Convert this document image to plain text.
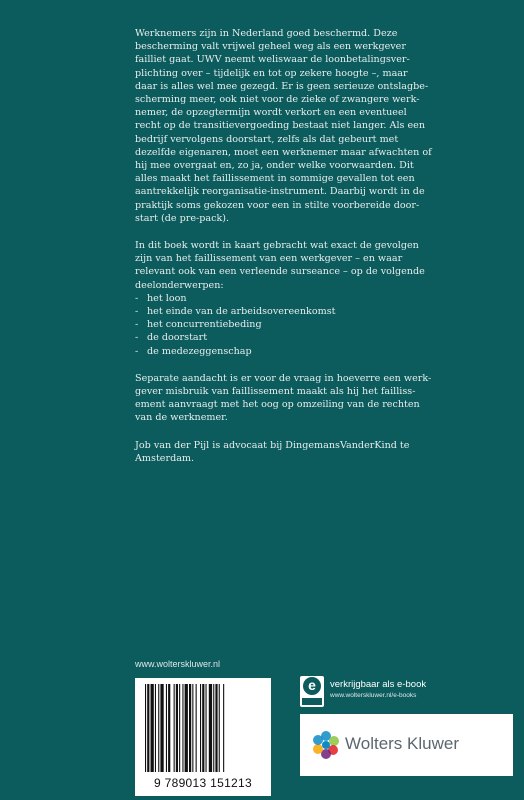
Werknemers zijn in Nederland goed beschermd. Deze
bescherming valt vrijwel geheel weg als een werkgever
failliet gaat. UWV neemt weliswaar de loonbetalingsver-
plichting over – tijdelijk en tot op zekere hoogte –, maar
daar is alles wel mee gezegd. Er is geen serieuze ontslagbe-
scherming meer, ook niet voor de zieke of zwangere werk-
nemer, de opzegtermijn wordt verkort en een eventueel
recht op de transitievergoeding bestaat niet langer. Als een
bedrijf vervolgens doorstart, zelfs als dat gebeurt met
dezelfde eigenaren, moet een werknemer maar afwachten of
hij mee overgaat en, zo ja, onder welke voorwaarden. Dit
alles maakt het faillissement in sommige gevallen tot een
aantrekkelijk reorganisatie-instrument. Daarbij wordt in de
praktijk soms gekozen voor een in stilte voorbereide door-
start (de pre-pack).

In dit boek wordt in kaart gebracht wat exact de gevolgen
zijn van het faillissement van een werkgever – en waar
relevant ook van een verleende surseance – op de volgende
deelonderwerpen:

- het loon
- het einde van de arbeidsovereenkomst
- het concurrentiebeding
- de doorstart
- de medezeggenschap

Separate aandacht is er voor de vraag in hoeverre een werk-
gever misbruik van faillissement maakt als hij het failliss-
ement aanvraagt met het oog op omzeiling van de rechten
van de werknemer.

Job van der Pijl is advocaat bij DingemansVanderKind te
Amsterdam.

www.wolterskluwer.nl
9 789013 151213
e	verkrijgbaar als e-book
www.wolterskluwer.nl/e-books
Wolters Kluwer
